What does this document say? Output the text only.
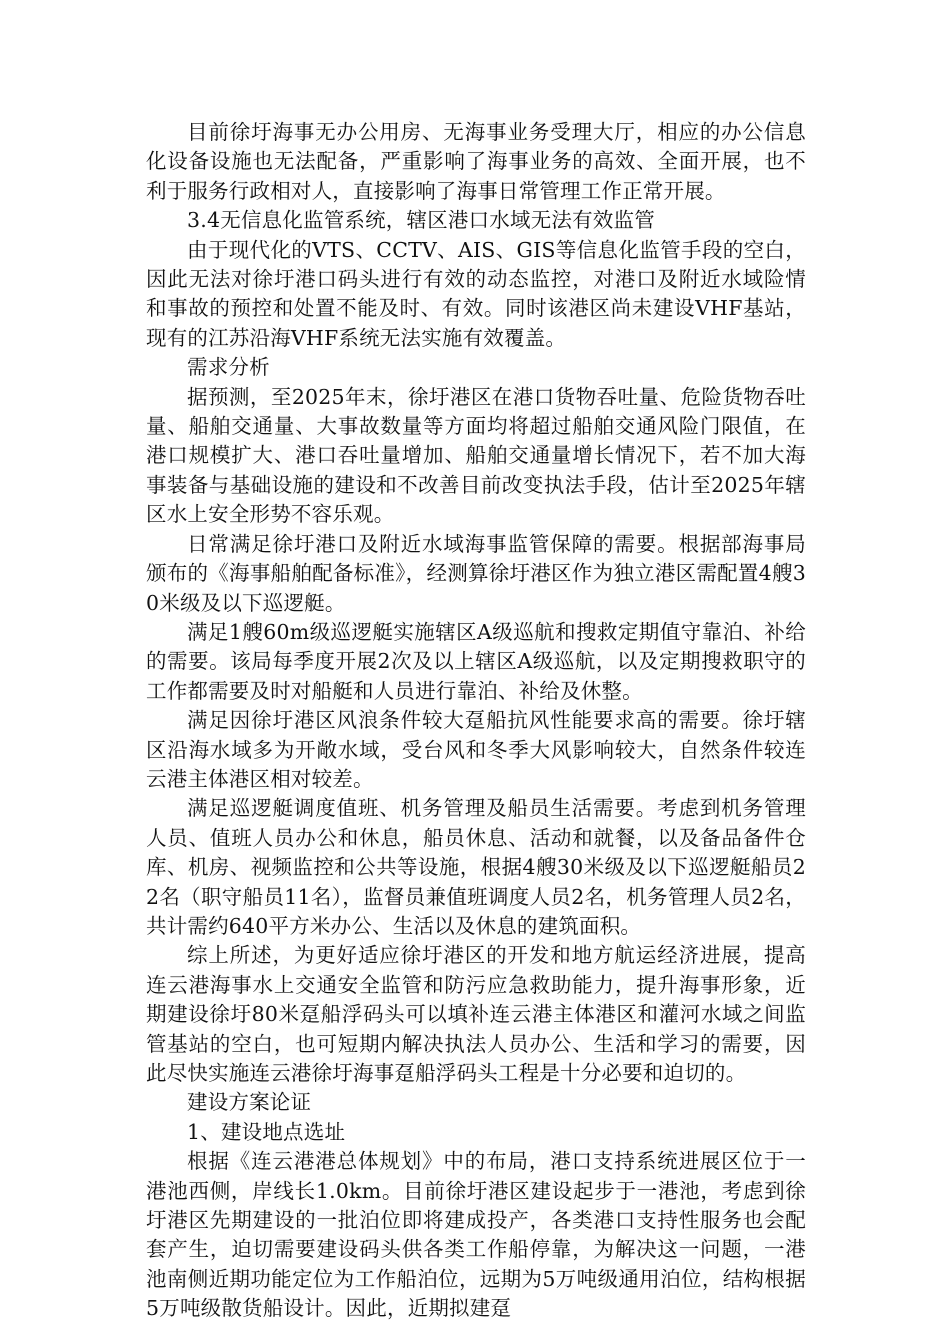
目前徐圩海事无办公用房、无海事业务受理大厅，相应的办公信息化设备设施也无法配备，严重影响了海事业务的高效、全面开展，也不利于服务行政相对人，直接影响了海事日常管理工作正常开展。

3.4无信息化监管系统，辖区港口水域无法有效监管

由于现代化的VTS、CCTV、AIS、GIS等信息化监管手段的空白，因此无法对徐圩港口码头进行有效的动态监控，对港口及附近水域险情和事故的预控和处置不能及时、有效。同时该港区尚未建设VHF基站，现有的江苏沿海VHF系统无法实施有效覆盖。

需求分析

据预测，至2025年末，徐圩港区在港口货物吞吐量、危险货物吞吐量、船舶交通量、大事故数量等方面均将超过船舶交通风险门限值，在港口规模扩大、港口吞吐量增加、船舶交通量增长情况下，若不加大海事装备与基础设施的建设和不改善目前改变执法手段，估计至2025年辖区水上安全形势不容乐观。

日常满足徐圩港口及附近水域海事监管保障的需要。根据部海事局颁布的《海事船舶配备标准》，经测算徐圩港区作为独立港区需配置4艘30米级及以下巡逻艇。

满足1艘60m级巡逻艇实施辖区A级巡航和搜救定期值守靠泊、补给的需要。该局每季度开展2次及以上辖区A级巡航，以及定期搜救职守的工作都需要及时对船艇和人员进行靠泊、补给及休整。

满足因徐圩港区风浪条件较大趸船抗风性能要求高的需要。徐圩辖区沿海水域多为开敞水域，受台风和冬季大风影响较大，自然条件较连云港主体港区相对较差。

满足巡逻艇调度值班、机务管理及船员生活需要。考虑到机务管理人员、值班人员办公和休息，船员休息、活动和就餐，以及备品备件仓库、机房、视频监控和公共等设施，根据4艘30米级及以下巡逻艇船员22名（职守船员11名），监督员兼值班调度人员2名，机务管理人员2名，共计需约640平方米办公、生活以及休息的建筑面积。

综上所述，为更好适应徐圩港区的开发和地方航运经济进展，提高连云港海事水上交通安全监管和防污应急救助能力，提升海事形象，近期建设徐圩80米趸船浮码头可以填补连云港主体港区和灌河水域之间监管基站的空白，也可短期内解决执法人员办公、生活和学习的需要，因此尽快实施连云港徐圩海事趸船浮码头工程是十分必要和迫切的。

建设方案论证

1、建设地点选址

根据《连云港港总体规划》中的布局，港口支持系统进展区位于一港池西侧，岸线长1.0km。目前徐圩港区建设起步于一港池，考虑到徐圩港区先期建设的一批泊位即将建成投产，各类港口支持性服务也会配套产生，迫切需要建设码头供各类工作船停靠，为解决这一问题，一港池南侧近期功能定位为工作船泊位，远期为5万吨级通用泊位，结构根据5万吨级散货船设计。因此，近期拟建趸
